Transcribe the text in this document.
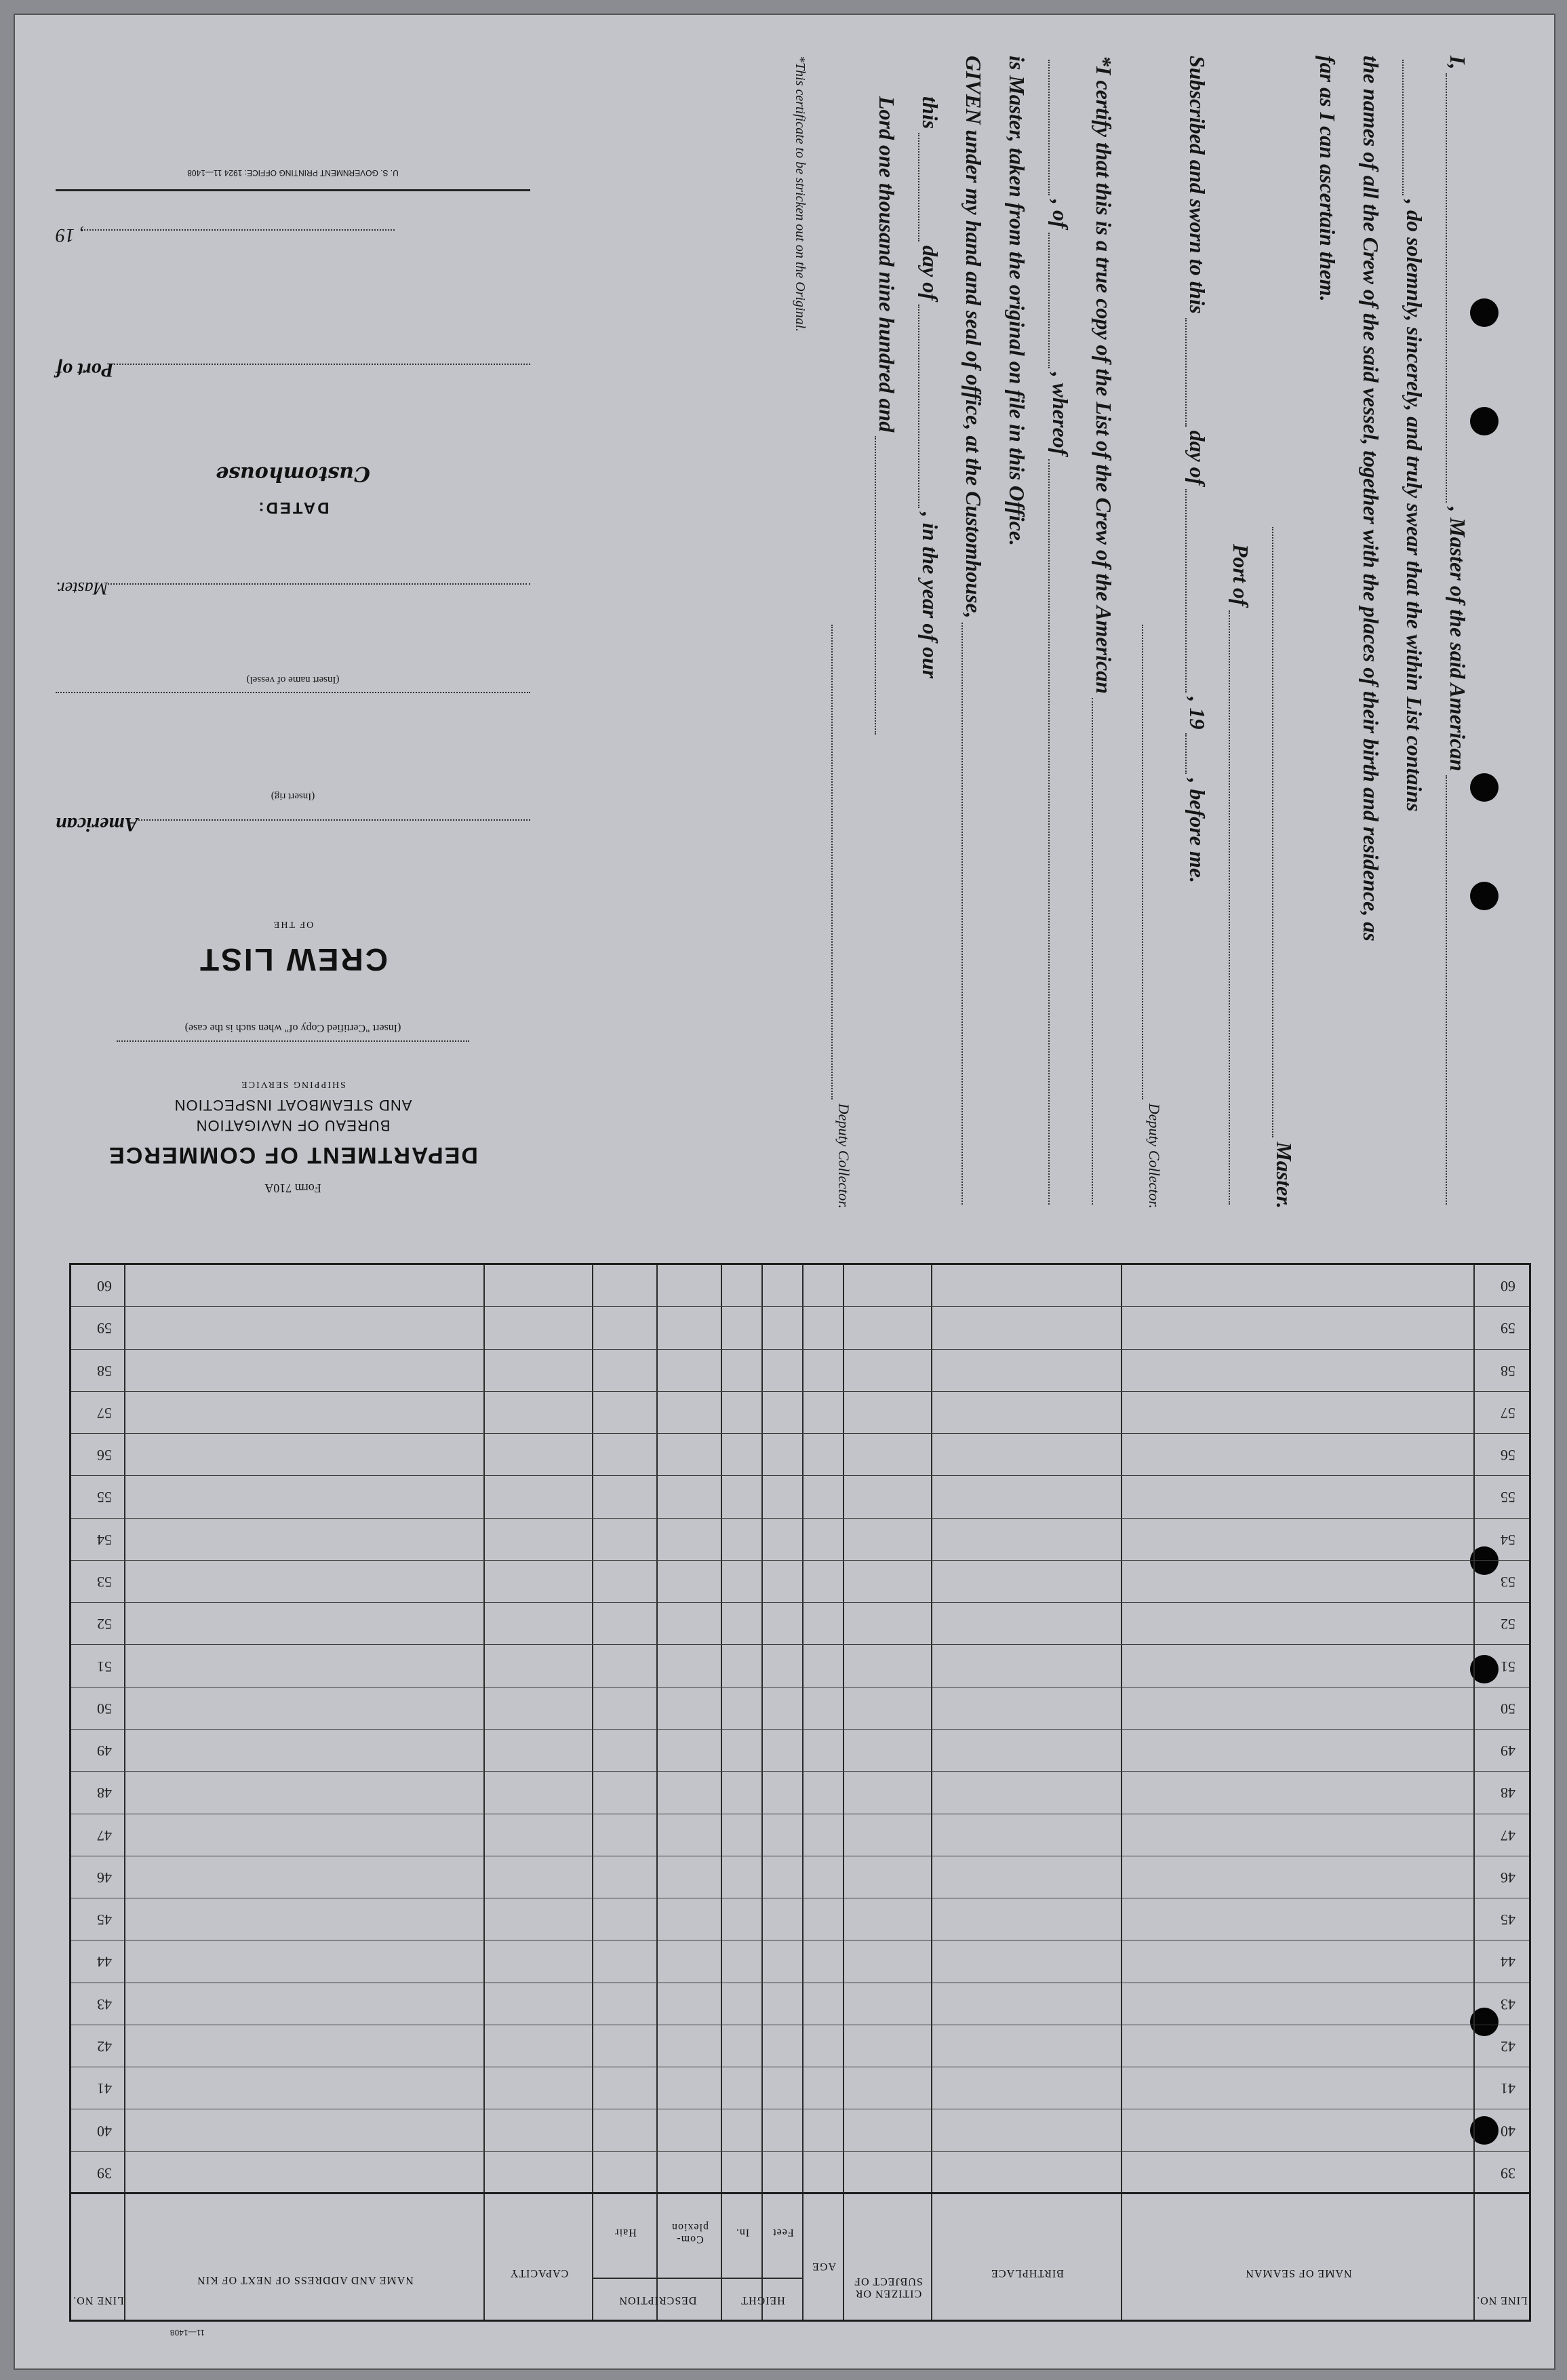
I,
, Master of the said American
, do solemnly, sincerely, and truly swear that the within List contains
the names of all the Crew of the said vessel, together with the places of their birth and residence, as
far as I can ascertain them.
Master.
Port of
Subscribed and sworn to this
day of
, 19
, before me.
Deputy Collector.
*I certify that this is a true copy of the List of the Crew of the American
, of
, whereof
is Master, taken from the original on file in this Office.
GIVEN under my hand and seal of office, at the Customhouse,
this
day of
, in the year of our
Lord one thousand nine hundred and
Deputy Collector.
*This certificate to be stricken out on the Original.
Form 710A
DEPARTMENT OF COMMERCE
BUREAU OF NAVIGATION
AND STEAMBOAT INSPECTION
SHIPPING SERVICE
(Insert "Certified Copy of" when such is the case)
CREW LIST
OF THE
American
(Insert rig)
(Insert name of vessel)
Master.
DATED:
Customhouse
Port of
, 19
U. S. GOVERNMENT PRINTING OFFICE: 1924 11—1408
LINE NO.
NAME OF SEAMAN
BIRTHPLACE
CITIZEN OR SUBJECT OF
AGE
HEIGHT
Feet
In.
DESCRIPTION
Com- plexion
Hair
CAPACITY
NAME AND ADDRESS OF NEXT OF KIN
LINE NO.
39
39
40
40
41
41
42
42
43
43
44
44
45
45
46
46
47
47
48
48
49
49
50
50
51
51
52
52
53
53
54
54
55
55
56
56
57
57
58
58
59
59
60
60
11—1408
